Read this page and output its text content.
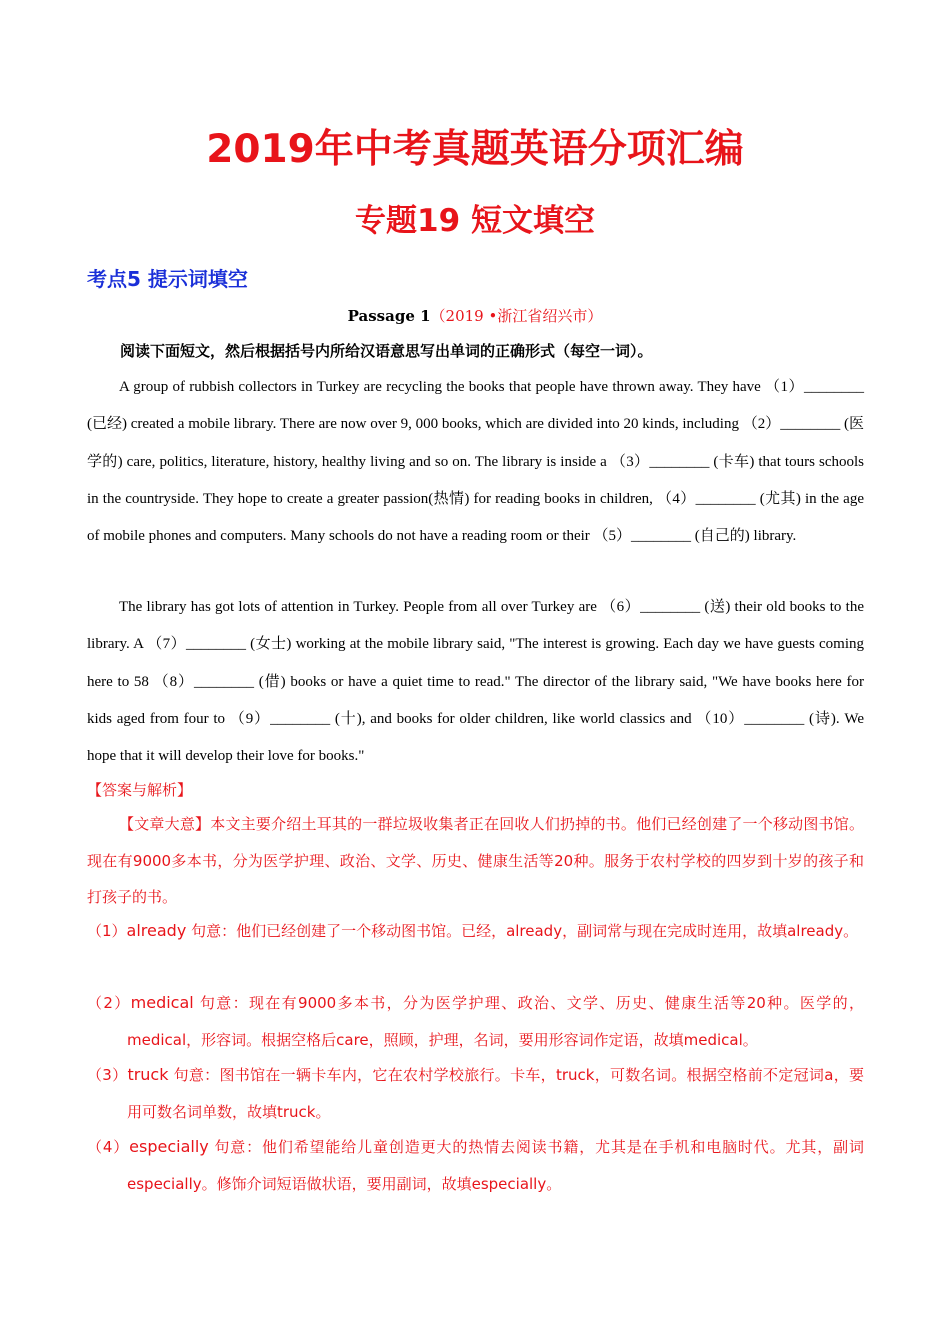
2019年中考真题英语分项汇编
专题19 短文填空
考点5 提示词填空
Passage 1（2019 •浙江省绍兴市）
阅读下面短文，然后根据括号内所给汉语意思写出单词的正确形式（每空一词）。
A group of rubbish collectors in Turkey are recycling the books that people have thrown away. They have （1）________ (已经) created a mobile library. There are now over 9, 000 books, which are divided into 20 kinds, including （2）________ (医学的) care, politics, literature, history, healthy living and so on. The library is inside a （3）________ (卡车) that tours schools in the countryside. They hope to create a greater passion(热情) for reading books in children, （4）________ (尤其) in the age of mobile phones and computers. Many schools do not have a reading room or their （5）________ (自己的) library.
The library has got lots of attention in Turkey. People from all over Turkey are （6）________ (送) their old books to the library. A （7）________ (女士) working at the mobile library said, "The interest is growing. Each day we have guests coming here to 58 （8）________ (借) books or have a quiet time to read." The director of the library said, "We have books here for kids aged from four to （9）________ (十), and books for older children, like world classics and （10）________ (诗). We hope that it will develop their love for books."
【答案与解析】
【文章大意】本文主要介绍土耳其的一群垃圾收集者正在回收人们扔掉的书。他们已经创建了一个移动图书馆。现在有9000多本书，分为医学护理、政治、文学、历史、健康生活等20种。服务于农村学校的四岁到十岁的孩子和打孩子的书。
（1）already 句意：他们已经创建了一个移动图书馆。已经，already，副词常与现在完成时连用，故填already。
（2）medical 句意：现在有9000多本书，分为医学护理、政治、文学、历史、健康生活等20种。医学的，medical，形容词。根据空格后care，照顾，护理，名词，要用形容词作定语，故填medical。
（3）truck 句意：图书馆在一辆卡车内，它在农村学校旅行。卡车，truck，可数名词。根据空格前不定冠词a，要用可数名词单数，故填truck。
（4）especially 句意：他们希望能给儿童创造更大的热情去阅读书籍，尤其是在手机和电脑时代。尤其，副词especially。修饰介词短语做状语，要用副词，故填especially。
